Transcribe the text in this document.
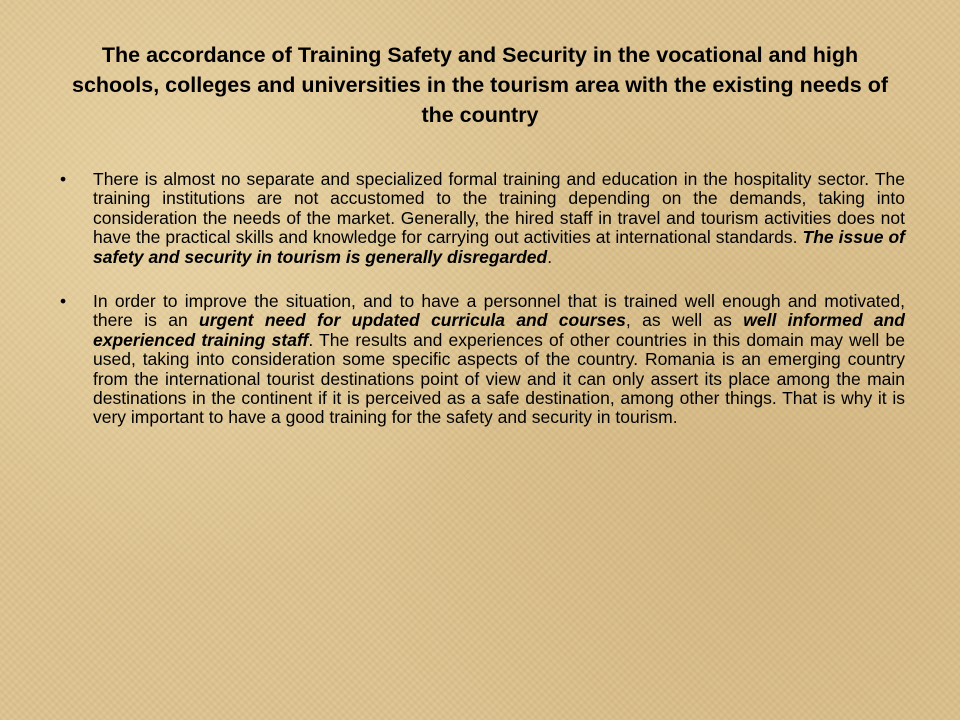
The accordance of Training Safety and Security in the vocational and high schools, colleges and universities in the tourism area with the existing needs of the country
• There is almost no separate and specialized formal training and education in the hospitality sector. The training institutions are not accustomed to the training depending on the demands, taking into consideration the needs of the market. Generally, the hired staff in travel and tourism activities does not have the practical skills and knowledge for carrying out activities at international standards. The issue of safety and security in tourism is generally disregarded.
• In order to improve the situation, and to have a personnel that is trained well enough and motivated, there is an urgent need for updated curricula and courses, as well as well informed and experienced training staff. The results and experiences of other countries in this domain may well be used, taking into consideration some specific aspects of the country. Romania is an emerging country from the international tourist destinations point of view and it can only assert its place among the main destinations in the continent if it is perceived as a safe destination, among other things. That is why it is very important to have a good training for the safety and security in tourism.
